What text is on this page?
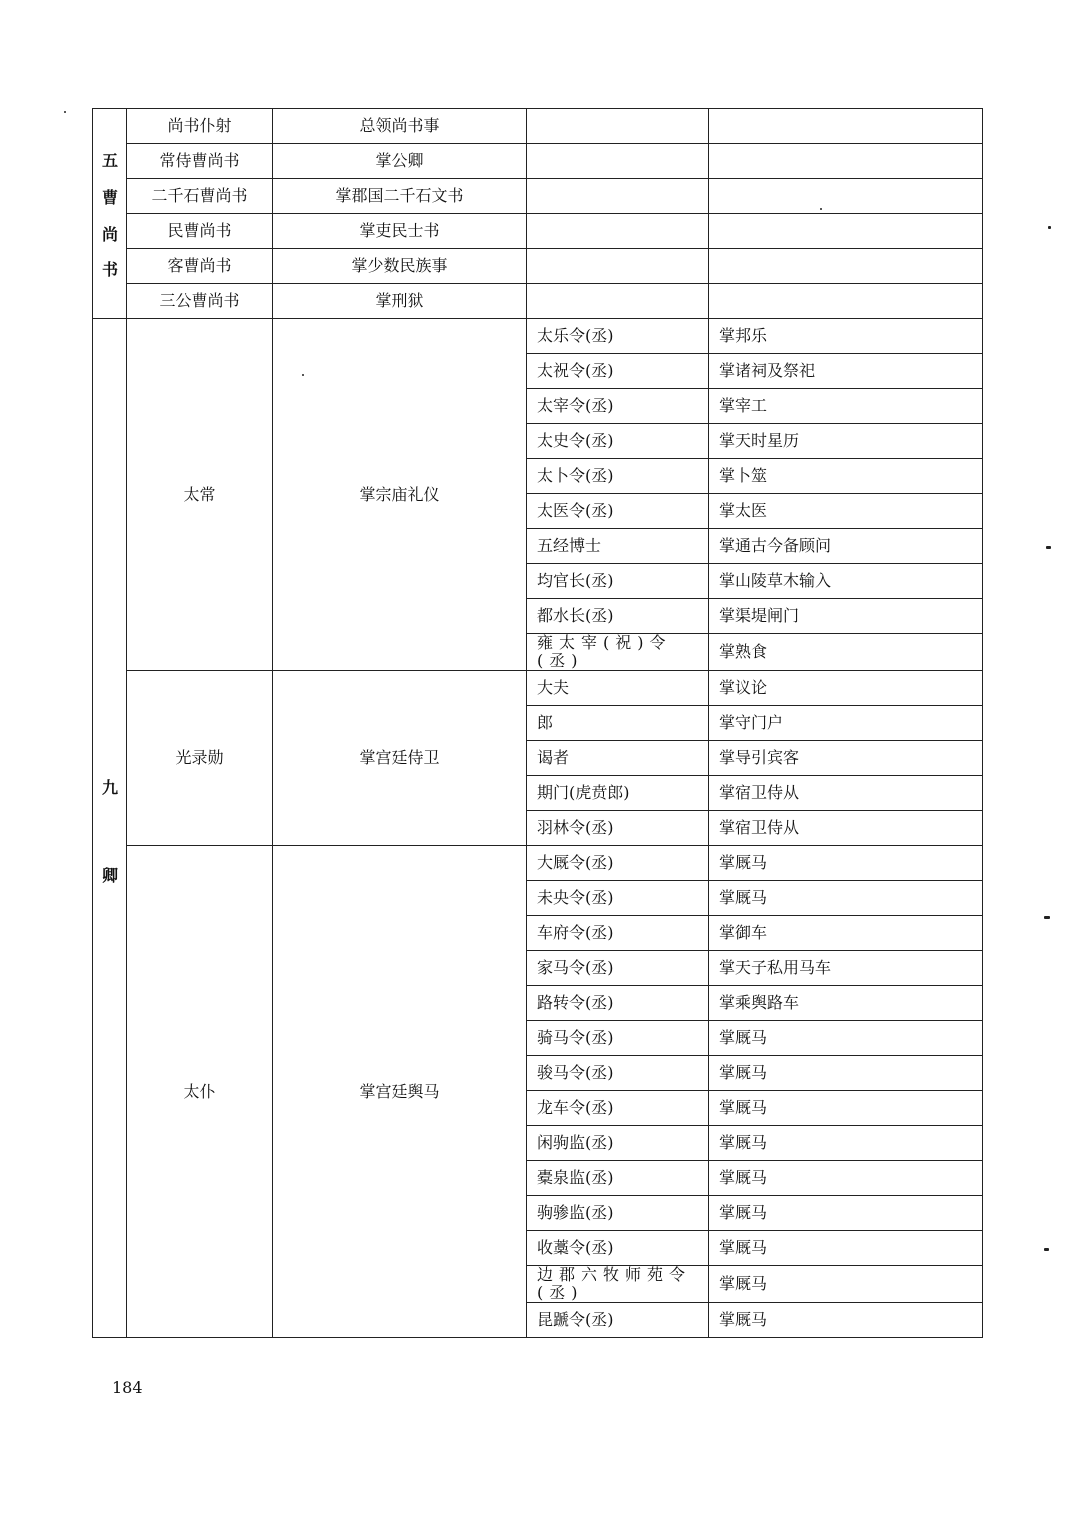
五
曹
尚
书	尚书仆射	总领尚书事		
	常侍曹尚书	掌公卿		
	二千石曹尚书	掌郡国二千石文书		
	民曹尚书	掌吏民士书		
	客曹尚书	掌少数民族事		
	三公曹尚书	掌刑狱		

九
卿	太常	掌宗庙礼仪	太乐令(丞)	掌邦乐
			太祝令(丞)	掌诸祠及祭祀
			太宰令(丞)	掌宰工
			太史令(丞)	掌天时星历
			太卜令(丞)	掌卜筮
			太医令(丞)	掌太医
			五经博士	掌通古今备顾问
			均官长(丞)	掌山陵草木输入
			都水长(丞)	掌渠堤闸门
			雍太宰(祝)令(丞)	掌熟食
	光录勋	掌宫廷侍卫	大夫	掌议论
			郎	掌守门户
			谒者	掌导引宾客
			期门(虎贲郎)	掌宿卫侍从
			羽林令(丞)	掌宿卫侍从
	太仆	掌宫廷舆马	大厩令(丞)	掌厩马
			未央令(丞)	掌厩马
			车府令(丞)	掌御车
			家马令(丞)	掌天子私用马车
			路转令(丞)	掌乘舆路车
			骑马令(丞)	掌厩马
			骏马令(丞)	掌厩马
			龙车令(丞)	掌厩马
			闲驹监(丞)	掌厩马
			橐泉监(丞)	掌厩马
			驹骖监(丞)	掌厩马
			收藁令(丞)	掌厩马
			边郡六牧师苑令(丞)	掌厩马
			昆蹏令(丞)	掌厩马
184
